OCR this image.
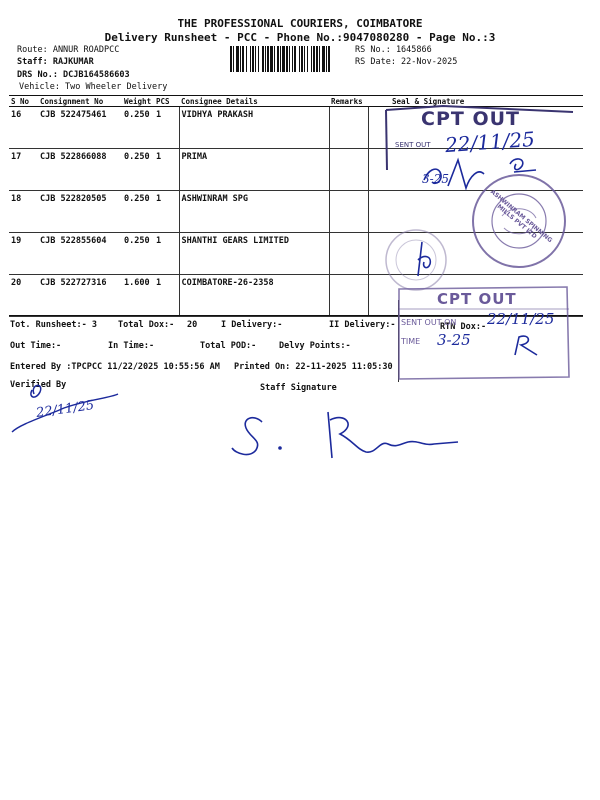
THE PROFESSIONAL COURIERS, COIMBATORE
Delivery Runsheet - PCC - Phone No.:9047080280 - Page No.:3
Route: ANNUR ROADPCC
Staff: RAJKUMAR
DRS No.: DCJB164586603
Vehicle: Two Wheeler Delivery
RS No.: 1645866
RS Date: 22-Nov-2025
S No	Consignment No	Weight	PCS	Consignee Details	Remarks	Seal & Signature
16	CJB 522475461	0.250	1	VIDHYA PRAKASH		
17	CJB 522866088	0.250	1	PRIMA		
18	CJB 522820505	0.250	1	ASHWINRAM SPG		
19	CJB 522855604	0.250	1	SHANTHI GEARS LIMITED		
20	CJB 522727316	1.600	1	COIMBATORE-26-2358		
Tot. Runsheet:- 3 Total Dox:- 20	I Delivery:-	II Delivery:-	RTN Dox:-
Out Time:-	In Time:-	Total POD:-	Delvy Points:-
Entered By :TPCPCC 11/22/2025 10:55:56 AM Printed On: 22-11-2025 11:05:30
Verified By	Staff Signature
CPT OUT
SENT OUT 22/11/25
ASHWINRAM SPINNING MILLS PVT LTD
3-25
CPT OUT
SENT OUT ON 22/11/25
TIME 3-25
22/11/25
